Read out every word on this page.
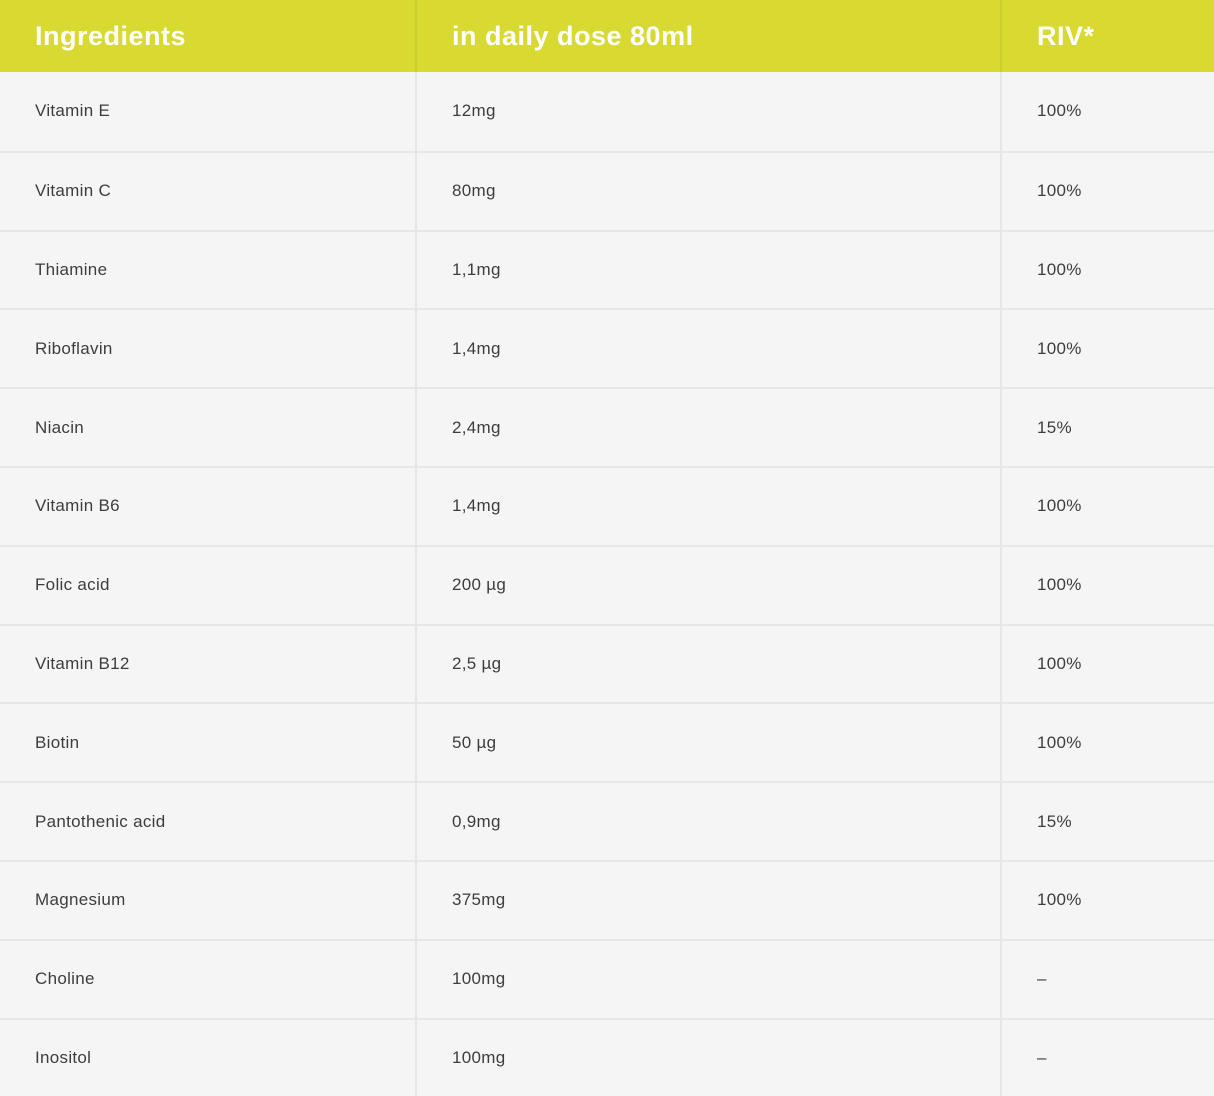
Ingredients	in daily dose 80ml	RIV*
Vitamin E	12mg	100%
Vitamin C	80mg	100%
Thiamine	1,1mg	100%
Riboflavin	1,4mg	100%
Niacin	2,4mg	15%
Vitamin B6	1,4mg	100%
Folic acid	200 µg	100%
Vitamin B12	2,5 µg	100%
Biotin	50 µg	100%
Pantothenic acid	0,9mg	15%
Magnesium	375mg	100%
Choline	100mg	–
Inositol	100mg	–
